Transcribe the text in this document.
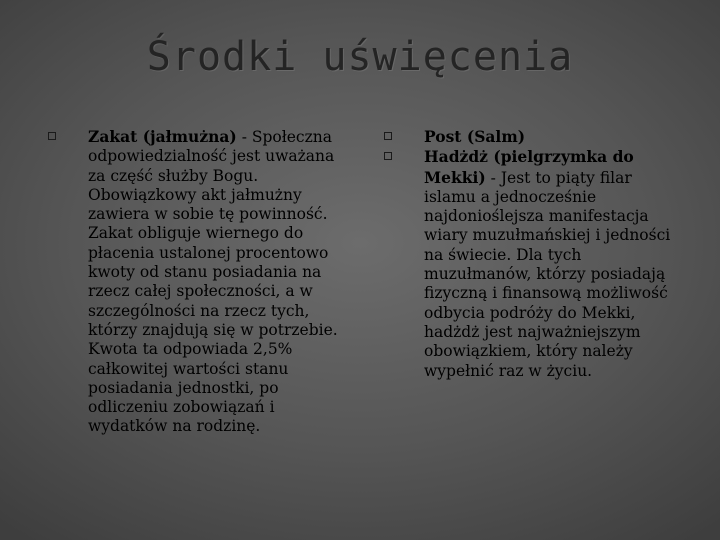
Środki uświęcenia

Zakat (jałmużna) - Społeczna odpowiedzialność jest uważana za część służby Bogu. Obowiązkowy akt jałmużny zawiera w sobie tę powinność. Zakat obliguje wiernego do płacenia ustalonej procentowo kwoty od stanu posiadania na rzecz całej społeczności, a w szczególności na rzecz tych, którzy znajdują się w potrzebie. Kwota ta odpowiada 2,5% całkowitej wartości stanu posiadania jednostki, po odliczeniu zobowiązań i wydatków na rodzinę.

Post (Salm)

Hadżdż (pielgrzymka do Mekki) - Jest to piąty filar islamu a jednocześnie najdonioślejsza manifestacja wiary muzułmańskiej i jedności na świecie. Dla tych muzułmanów, którzy posiadają fizyczną i finansową możliwość odbycia podróży do Mekki, hadżdż jest najważniejszym obowiązkiem, który należy wypełnić raz w życiu.
